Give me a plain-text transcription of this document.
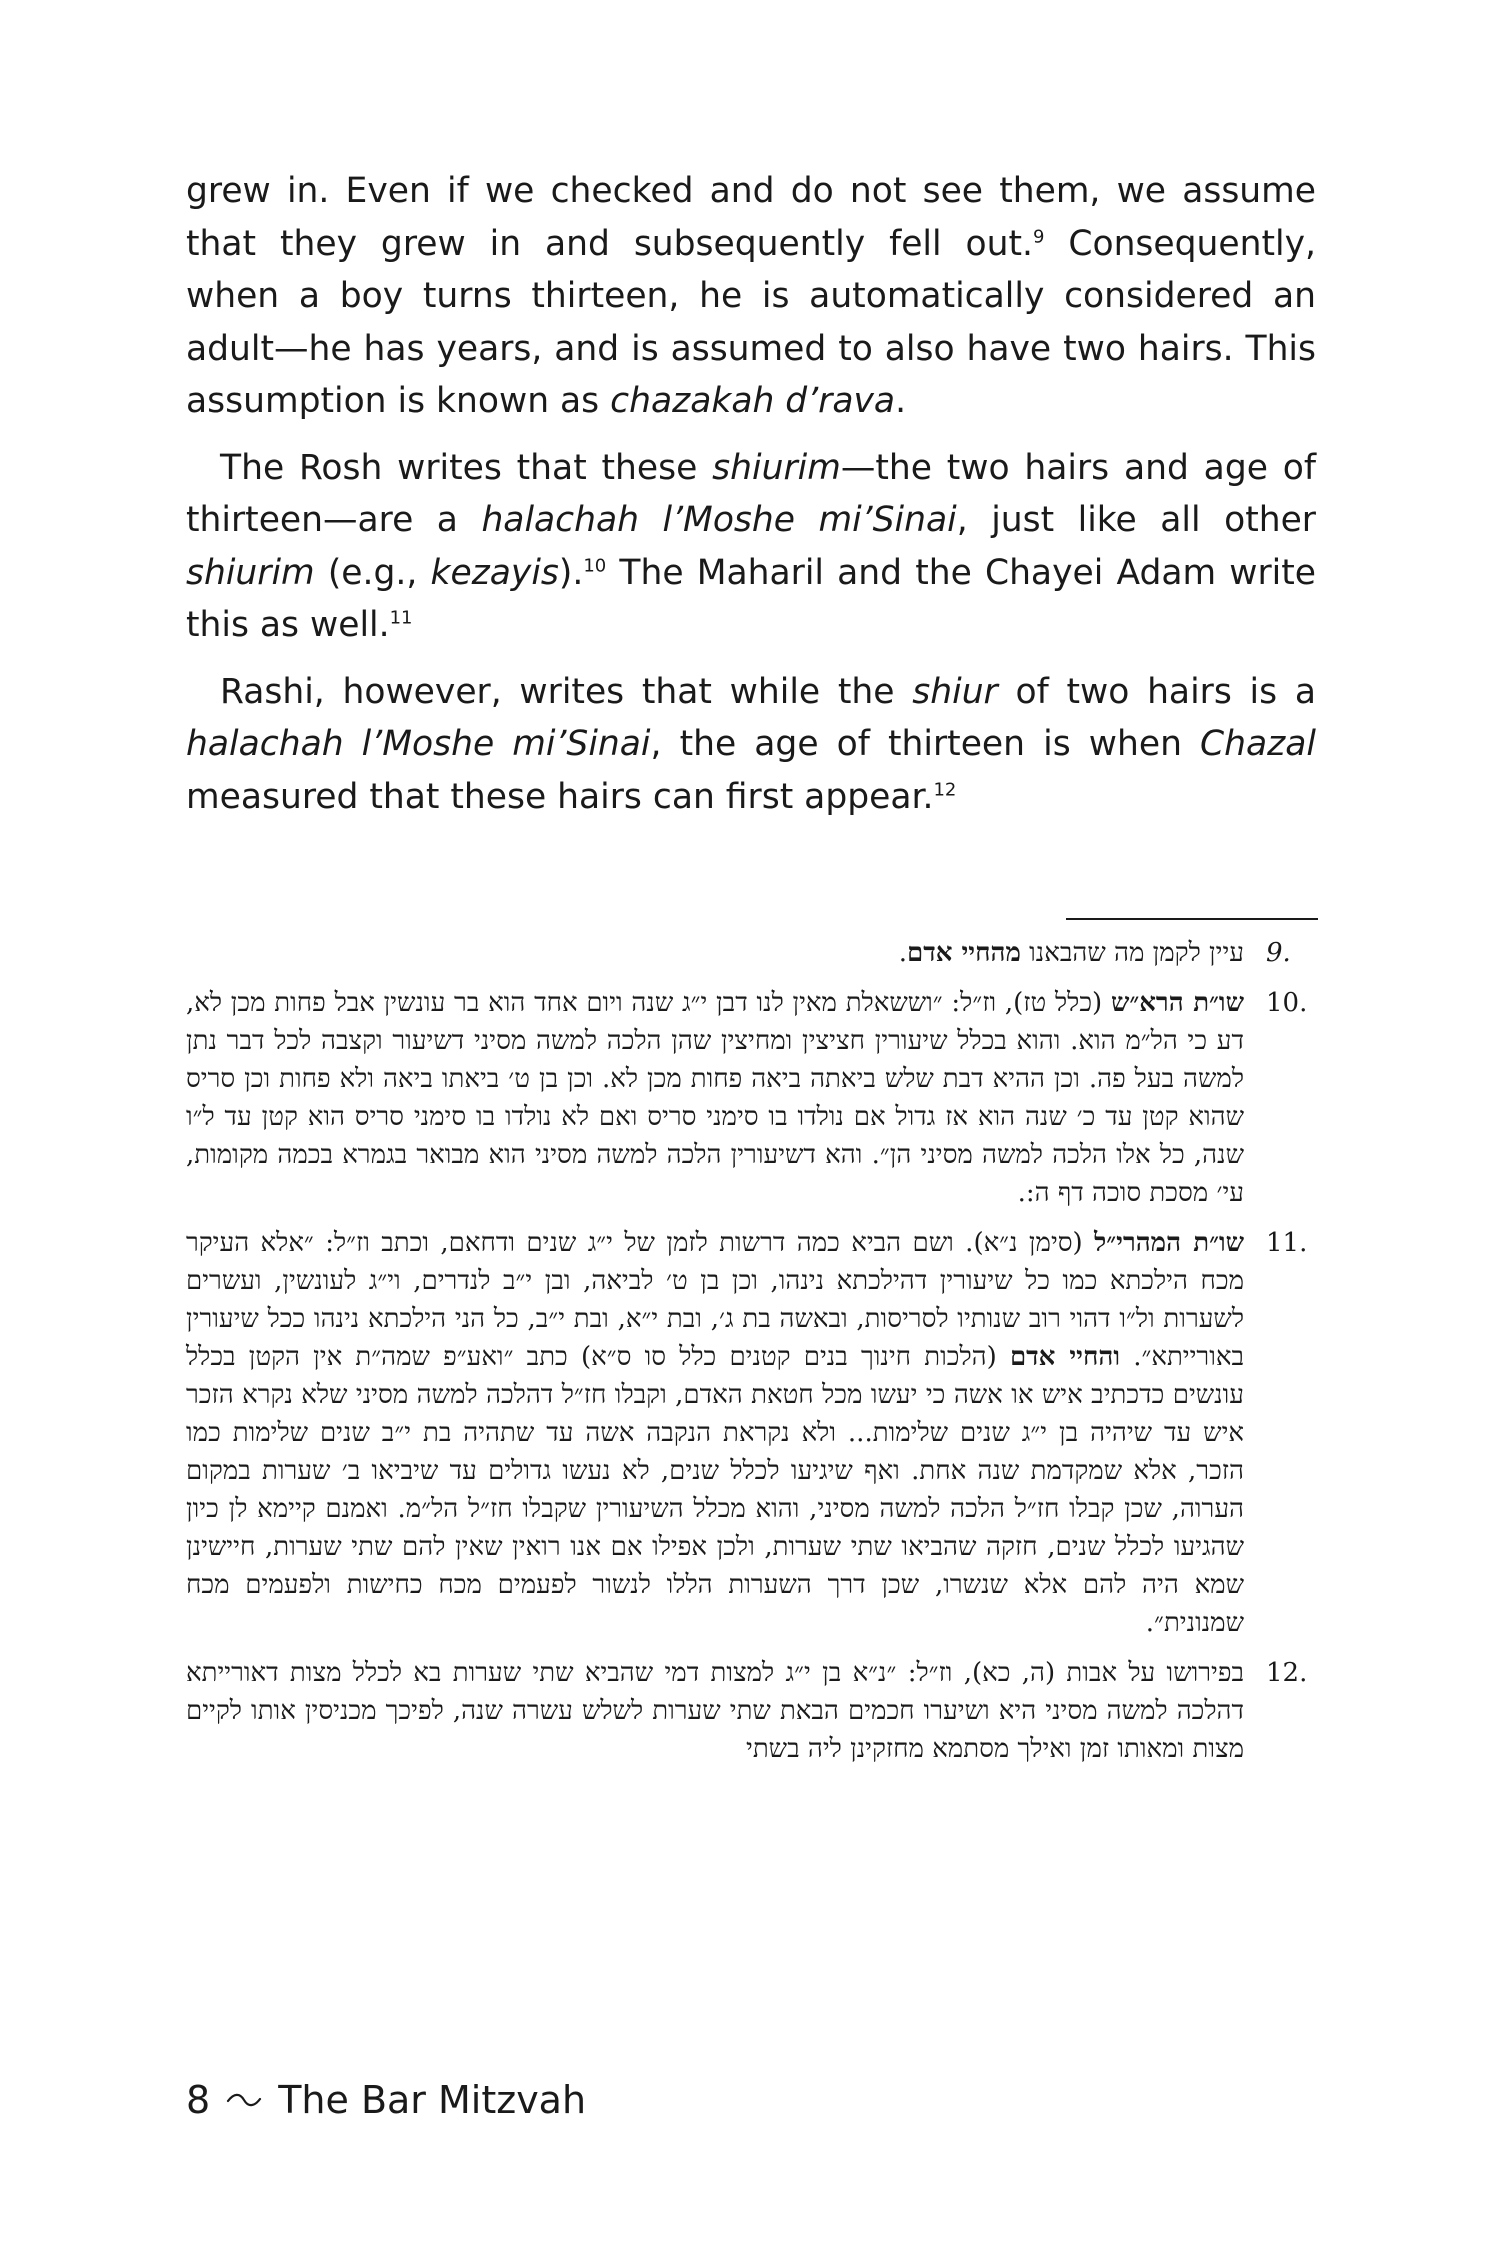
grew in. Even if we checked and do not see them, we assume that they grew in and subsequently fell out.$^9$ Consequently, when a boy turns thirteen, he is automatically considered an adult—he has years, and is assumed to also have two hairs. This assumption is known as chazakah d’rava.

The Rosh writes that these shiurim—the two hairs and age of thirteen—are a halachah l’Moshe mi’Sinai, just like all other shiurim (e.g., kezayis).$^{10}$ The Maharil and the Chayei Adam write this as well.$^{11}$

Rashi, however, writes that while the shiur of two hairs is a halachah l’Moshe mi’Sinai, the age of thirteen is when Chazal measured that these hairs can first appear.$^{12}$

9.
עיין לקמן מה שהבאנו מהחיי אדם.
10.
שו״ת הרא״ש (כלל טז), וז״ל: ״וששאלת מאין לנו דבן י״ג שנה ויום אחד הוא בר עונשין אבל פחות מכן לא, דע כי הל״מ הוא. והוא בכלל שיעורין חציצין ומחיצין שהן הלכה למשה מסיני דשיעור וקצבה לכל דבר נתן למשה בעל פה. וכן ההיא דבת שלש ביאתה ביאה פחות מכן לא. וכן בן ט׳ ביאתו ביאה ולא פחות וכן סריס שהוא קטן עד כ׳ שנה הוא אז גדול אם נולדו בו סימני סריס ואם לא נולדו בו סימני סריס הוא קטן עד ל״ו שנה, כל אלו הלכה למשה מסיני הן״. והא דשיעורין הלכה למשה מסיני הוא מבואר בגמרא בכמה מקומות, עי׳ מסכת סוכה דף ה:.
11.
שו״ת המהרי״ל (סימן נ״א). ושם הביא כמה דרשות לזמן של י״ג שנים ודחאם, וכתב וז״ל: ״אלא העיקר מכח הילכתא כמו כל שיעורין דהילכתא נינהו, וכן בן ט׳ לביאה, ובן י״ב לנדרים, וי״ג לעונשין, ועשרים לשערות ול״ו דהוי רוב שנותיו לסריסות, ובאשה בת ג׳, ובת י״א, ובת י״ב, כל הני הילכתא נינהו ככל שיעורין באורייתא״. והחיי אדם (הלכות חינוך בנים קטנים כלל סו ס״א) כתב ״ואע״פ שמה״ת אין הקטן בכלל עונשים כדכתיב איש או אשה כי יעשו מכל חטאת האדם, וקבלו חז״ל דהלכה למשה מסיני שלא נקרא הזכר איש עד שיהיה בן י״ג שנים שלימות... ולא נקראת הנקבה אשה עד שתהיה בת י״ב שנים שלימות כמו הזכר, אלא שמקדמת שנה אחת. ואף שיגיעו לכלל שנים, לא נעשו גדולים עד שיביאו ב׳ שערות במקום הערוה, שכן קבלו חז״ל הלכה למשה מסיני, והוא מכלל השיעורין שקבלו חז״ל הל״מ. ואמנם קיימא לן כיון שהגיעו לכלל שנים, חזקה שהביאו שתי שערות, ולכן אפילו אם אנו רואין שאין להם שתי שערות, חיישינן שמא היה להם אלא שנשרו, שכן דרך השערות הללו לנשור לפעמים מכח כחישות ולפעמים מכח שמנונית״.
12.
בפירושו על אבות (ה, כא), וז״ל: ״נ״א בן י״ג למצות דמי שהביא שתי שערות בא לכלל מצות דאורייתא דהלכה למשה מסיני היא ושיערו חכמים הבאת שתי שערות לשלש עשרה שנה, לפיכך מכניסין אותו לקיים מצות ומאותו זמן ואילך מסתמא מחזקינן ליה בשתי
8 The Bar Mitzvah
